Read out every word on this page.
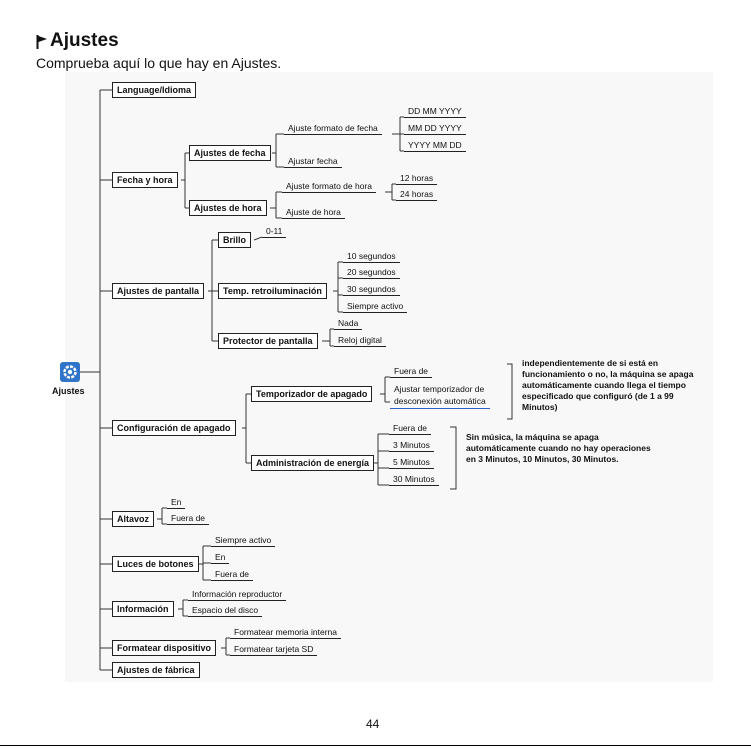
Ajustes
Comprueba aquí lo que hay en Ajustes.
Ajustes
Language/Idioma
Fecha y hora
Ajustes de pantalla
Configuración de apagado
Altavoz
Luces de botones
Información
Formatear dispositivo
Ajustes de fábrica
Ajustes de fecha
Ajustes de hora
Brillo
Temp. retroiluminación
Protector de pantalla
Temporizador de apagado
Administración de energía
Ajuste formato de fecha
DD MM YYYY
MM DD YYYY
YYYY MM DD
Ajustar fecha
Ajuste formato de hora
12 horas
24 horas
Ajuste de hora
0-11
10 segundos
20 segundos
30 segundos
Siempre activo
Nada
Reloj digital
Fuera de
Ajustar temporizador de
desconexión automática
independientemente de si está en funcionamiento o no, la máquina se apaga automáticamente cuando llega el tiempo especificado que configuró (de 1 a 99 Minutos)
Fuera de
3 Minutos
5 Minutos
30 Minutos
Sin música, la máquina se apaga automáticamente cuando no hay operaciones en 3 Minutos, 10 Minutos, 30 Minutos.
En
Fuera de
Siempre activo
En
Fuera de
Información reproductor
Espacio del disco
Formatear memoria interna
Formatear tarjeta SD
44
